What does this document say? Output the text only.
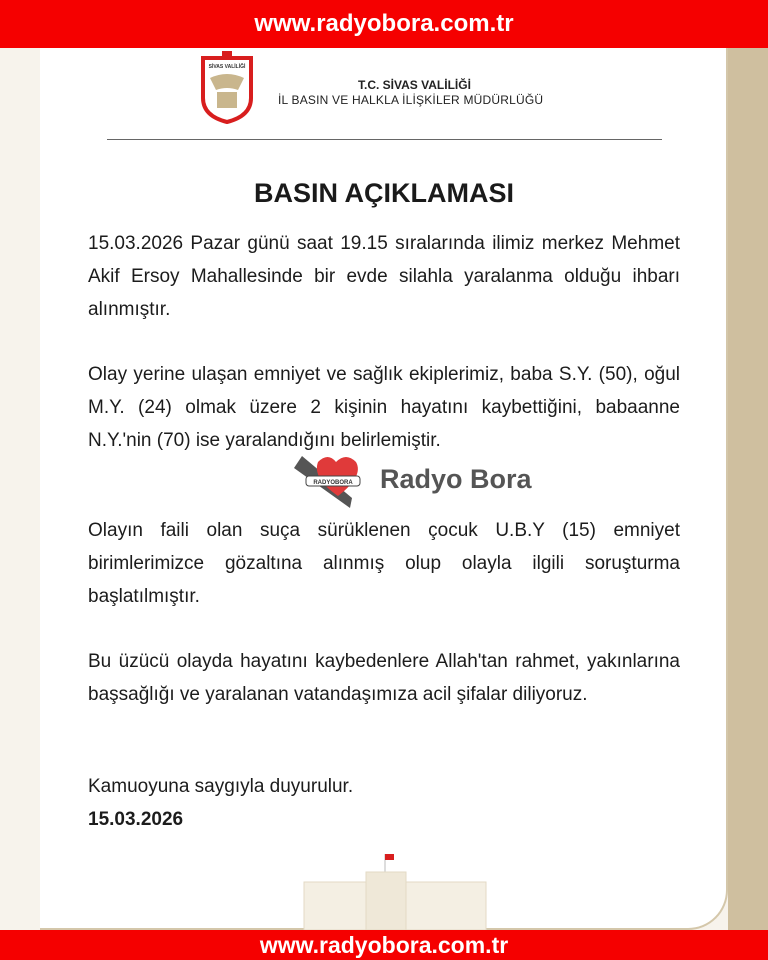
www.radyobora.com.tr
SİVAS VALİLİĞİ
T.C. SİVAS VALİLİĞİ
İL BASIN VE HALKLA İLİŞKİLER MÜDÜRLÜĞÜ
BASIN AÇIKLAMASI

15.03.2026 Pazar günü saat 19.15 sıralarında ilimiz merkez Mehmet Akif Ersoy Mahallesinde bir evde silahla yaralanma olduğu ihbarı alınmıştır.

Olay yerine ulaşan emniyet ve sağlık ekiplerimiz, baba S.Y. (50), oğul M.Y. (24) olmak üzere 2 kişinin hayatını kaybettiğini, babaanne N.Y.'nin (70) ise yaralandığını belirlemiştir.

Olayın faili olan suça sürüklenen çocuk U.B.Y (15) emniyet birimlerimizce gözaltına alınmış olup olayla ilgili soruşturma başlatılmıştır.

Bu üzücü olayda hayatını kaybedenlere Allah'tan rahmet, yakınlarına başsağlığı ve yaralanan vatandaşımıza acil şifalar diliyoruz.

Kamuoyuna saygıyla duyurulur.

15.03.2026

RADYOBORA Radyo Bora
www.radyobora.com.tr
